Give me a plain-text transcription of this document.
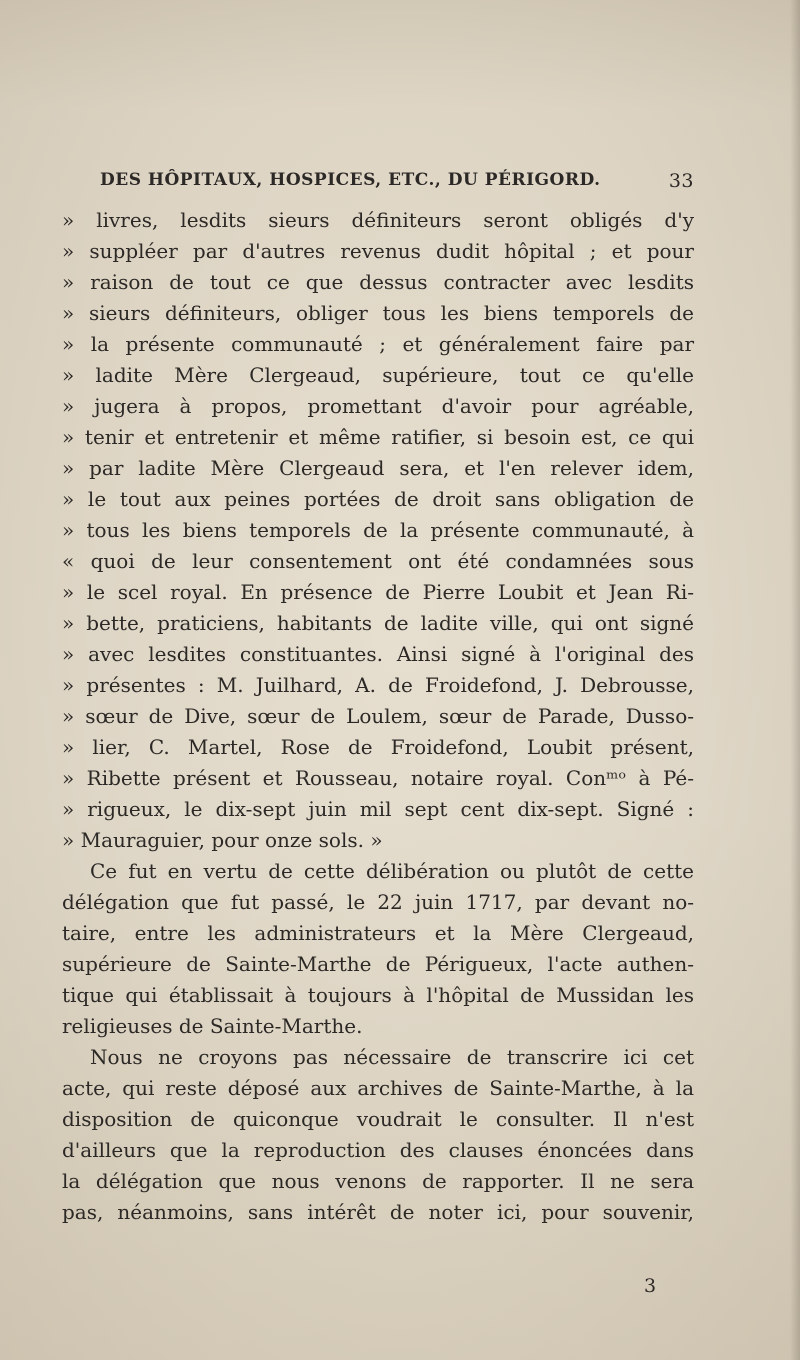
DES HÔPITAUX, HOSPICES, ETC., DU PÉRIGORD.	33
» livres, lesdits sieurs définiteurs seront obligés d'y
» suppléer par d'autres revenus dudit hôpital ; et pour
» raison de tout ce que dessus contracter avec lesdits
» sieurs définiteurs, obliger tous les biens temporels de
» la présente communauté ; et généralement faire par
» ladite Mère Clergeaud, supérieure, tout ce qu'elle
» jugera à propos, promettant d'avoir pour agréable,
» tenir et entretenir et même ratifier, si besoin est, ce qui
» par ladite Mère Clergeaud sera, et l'en relever idem,
» le tout aux peines portées de droit sans obligation de
» tous les biens temporels de la présente communauté, à
« quoi de leur consentement ont été condamnées sous
» le scel royal. En présence de Pierre Loubit et Jean Ri-
» bette, praticiens, habitants de ladite ville, qui ont signé
» avec lesdites constituantes. Ainsi signé à l'original des
» présentes : M. Juilhard, A. de Froidefond, J. Debrousse,
» sœur de Dive, sœur de Loulem, sœur de Parade, Dusso-
» lier, C. Martel, Rose de Froidefond, Loubit présent,
» Ribette présent et Rousseau, notaire royal. Conᵐᵒ à Pé-
» rigueux, le dix-sept juin mil sept cent dix-sept. Signé :
» Mauraguier, pour onze sols. »
Ce fut en vertu de cette délibération ou plutôt de cette
délégation que fut passé, le 22 juin 1717, par devant no-
taire, entre les administrateurs et la Mère Clergeaud,
supérieure de Sainte-Marthe de Périgueux, l'acte authen-
tique qui établissait à toujours à l'hôpital de Mussidan les
religieuses de Sainte-Marthe.
Nous ne croyons pas nécessaire de transcrire ici cet
acte, qui reste déposé aux archives de Sainte-Marthe, à la
disposition de quiconque voudrait le consulter. Il n'est
d'ailleurs que la reproduction des clauses énoncées dans
la délégation que nous venons de rapporter. Il ne sera
pas, néanmoins, sans intérêt de noter ici, pour souvenir,
3
